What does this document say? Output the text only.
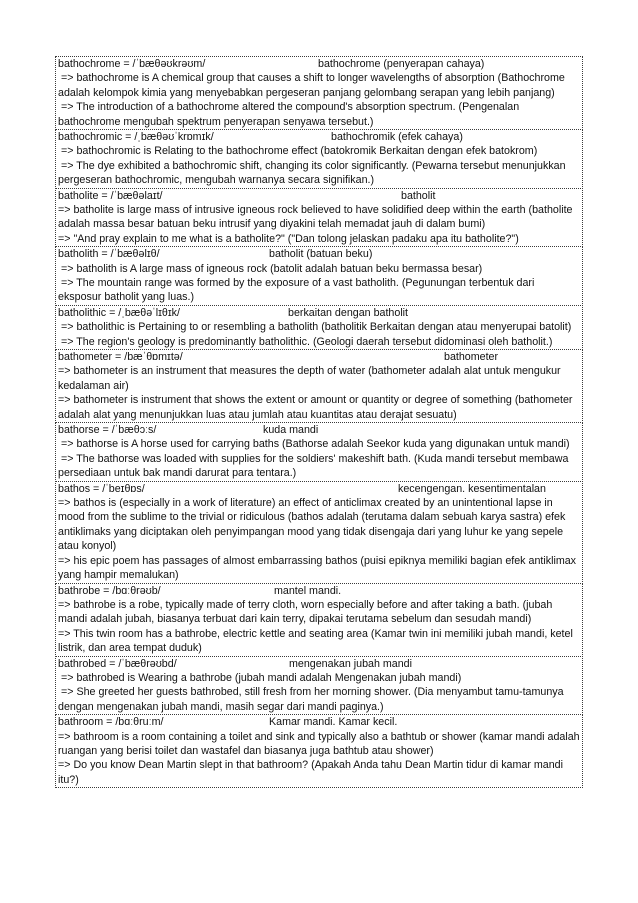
bathochrome = /ˈbæθəʊkrəʊm/	bathochrome (penyerapan cahaya)

=> bathochrome is A chemical group that causes a shift to longer wavelengths of absorption (Bathochrome adalah kelompok kimia yang menyebabkan pergeseran panjang gelombang serapan yang lebih panjang)

=> The introduction of a bathochrome altered the compound's absorption spectrum. (Pengenalan bathochrome mengubah spektrum penyerapan senyawa tersebut.)

bathochromic = /ˌbæθəʊˈkrɒmɪk/	bathochromik (efek cahaya)

=> bathochromic is Relating to the bathochrome effect (batokromik Berkaitan dengan efek batokrom)

=> The dye exhibited a bathochromic shift, changing its color significantly. (Pewarna tersebut menunjukkan pergeseran bathochromic, mengubah warnanya secara signifikan.)

batholite = /ˈbæθəlaɪt/	batholit

=> batholite is large mass of intrusive igneous rock believed to have solidified deep within the earth (batholite adalah massa besar batuan beku intrusif yang diyakini telah memadat jauh di dalam bumi)

=> "And pray explain to me what is a batholite?" ("Dan tolong jelaskan padaku apa itu batholite?")

batholith = /ˈbæθəlɪθ/	batholit (batuan beku)

=> batholith is A large mass of igneous rock (batolit adalah batuan beku bermassa besar)

=> The mountain range was formed by the exposure of a vast batholith. (Pegunungan terbentuk dari eksposur batholit yang luas.)

batholithic = /ˌbæθəˈlɪθɪk/	berkaitan dengan batholit

=> batholithic is Pertaining to or resembling a batholith (batholitik Berkaitan dengan atau menyerupai batolit)

=> The region's geology is predominantly batholithic. (Geologi daerah tersebut didominasi oleh batholit.)

bathometer = /bæˈθɒmɪtə/	bathometer

=> bathometer is an instrument that measures the depth of water (bathometer adalah alat untuk mengukur kedalaman air)

=> bathometer is instrument that shows the extent or amount or quantity or degree of something (bathometer adalah alat yang menunjukkan luas atau jumlah atau kuantitas atau derajat sesuatu)

bathorse = /ˈbæθɔːs/	kuda mandi

=> bathorse is A horse used for carrying baths (Bathorse adalah Seekor kuda yang digunakan untuk mandi)

=> The bathorse was loaded with supplies for the soldiers' makeshift bath. (Kuda mandi tersebut membawa persediaan untuk bak mandi darurat para tentara.)

bathos = /ˈbeɪθɒs/	kecengengan. kesentimentalan

=> bathos is (especially in a work of literature) an effect of anticlimax created by an unintentional lapse in mood from the sublime to the trivial or ridiculous (bathos adalah (terutama dalam sebuah karya sastra) efek antiklimaks yang diciptakan oleh penyimpangan mood yang tidak disengaja dari yang luhur ke yang sepele atau konyol)

=> his epic poem has passages of almost embarrassing bathos (puisi epiknya memiliki bagian efek antiklimax yang hampir memalukan)

bathrobe = /bɑːθrəʊb/	mantel mandi.

=> bathrobe is a robe, typically made of terry cloth, worn especially before and after taking a bath. (jubah mandi adalah jubah, biasanya terbuat dari kain terry, dipakai terutama sebelum dan sesudah mandi)

=> This twin room has a bathrobe, electric kettle and seating area (Kamar twin ini memiliki jubah mandi, ketel listrik, dan area tempat duduk)

bathrobed = /ˈbæθrəʊbd/	mengenakan jubah mandi

=> bathrobed is Wearing a bathrobe (jubah mandi adalah Mengenakan jubah mandi)

=> She greeted her guests bathrobed, still fresh from her morning shower. (Dia menyambut tamu-tamunya dengan mengenakan jubah mandi, masih segar dari mandi paginya.)

bathroom = /bɑːθruːm/	Kamar mandi. Kamar kecil.

=> bathroom is a room containing a toilet and sink and typically also a bathtub or shower (kamar mandi adalah ruangan yang berisi toilet dan wastafel dan biasanya juga bathtub atau shower)

=> Do you know Dean Martin slept in that bathroom? (Apakah Anda tahu Dean Martin tidur di kamar mandi itu?)
